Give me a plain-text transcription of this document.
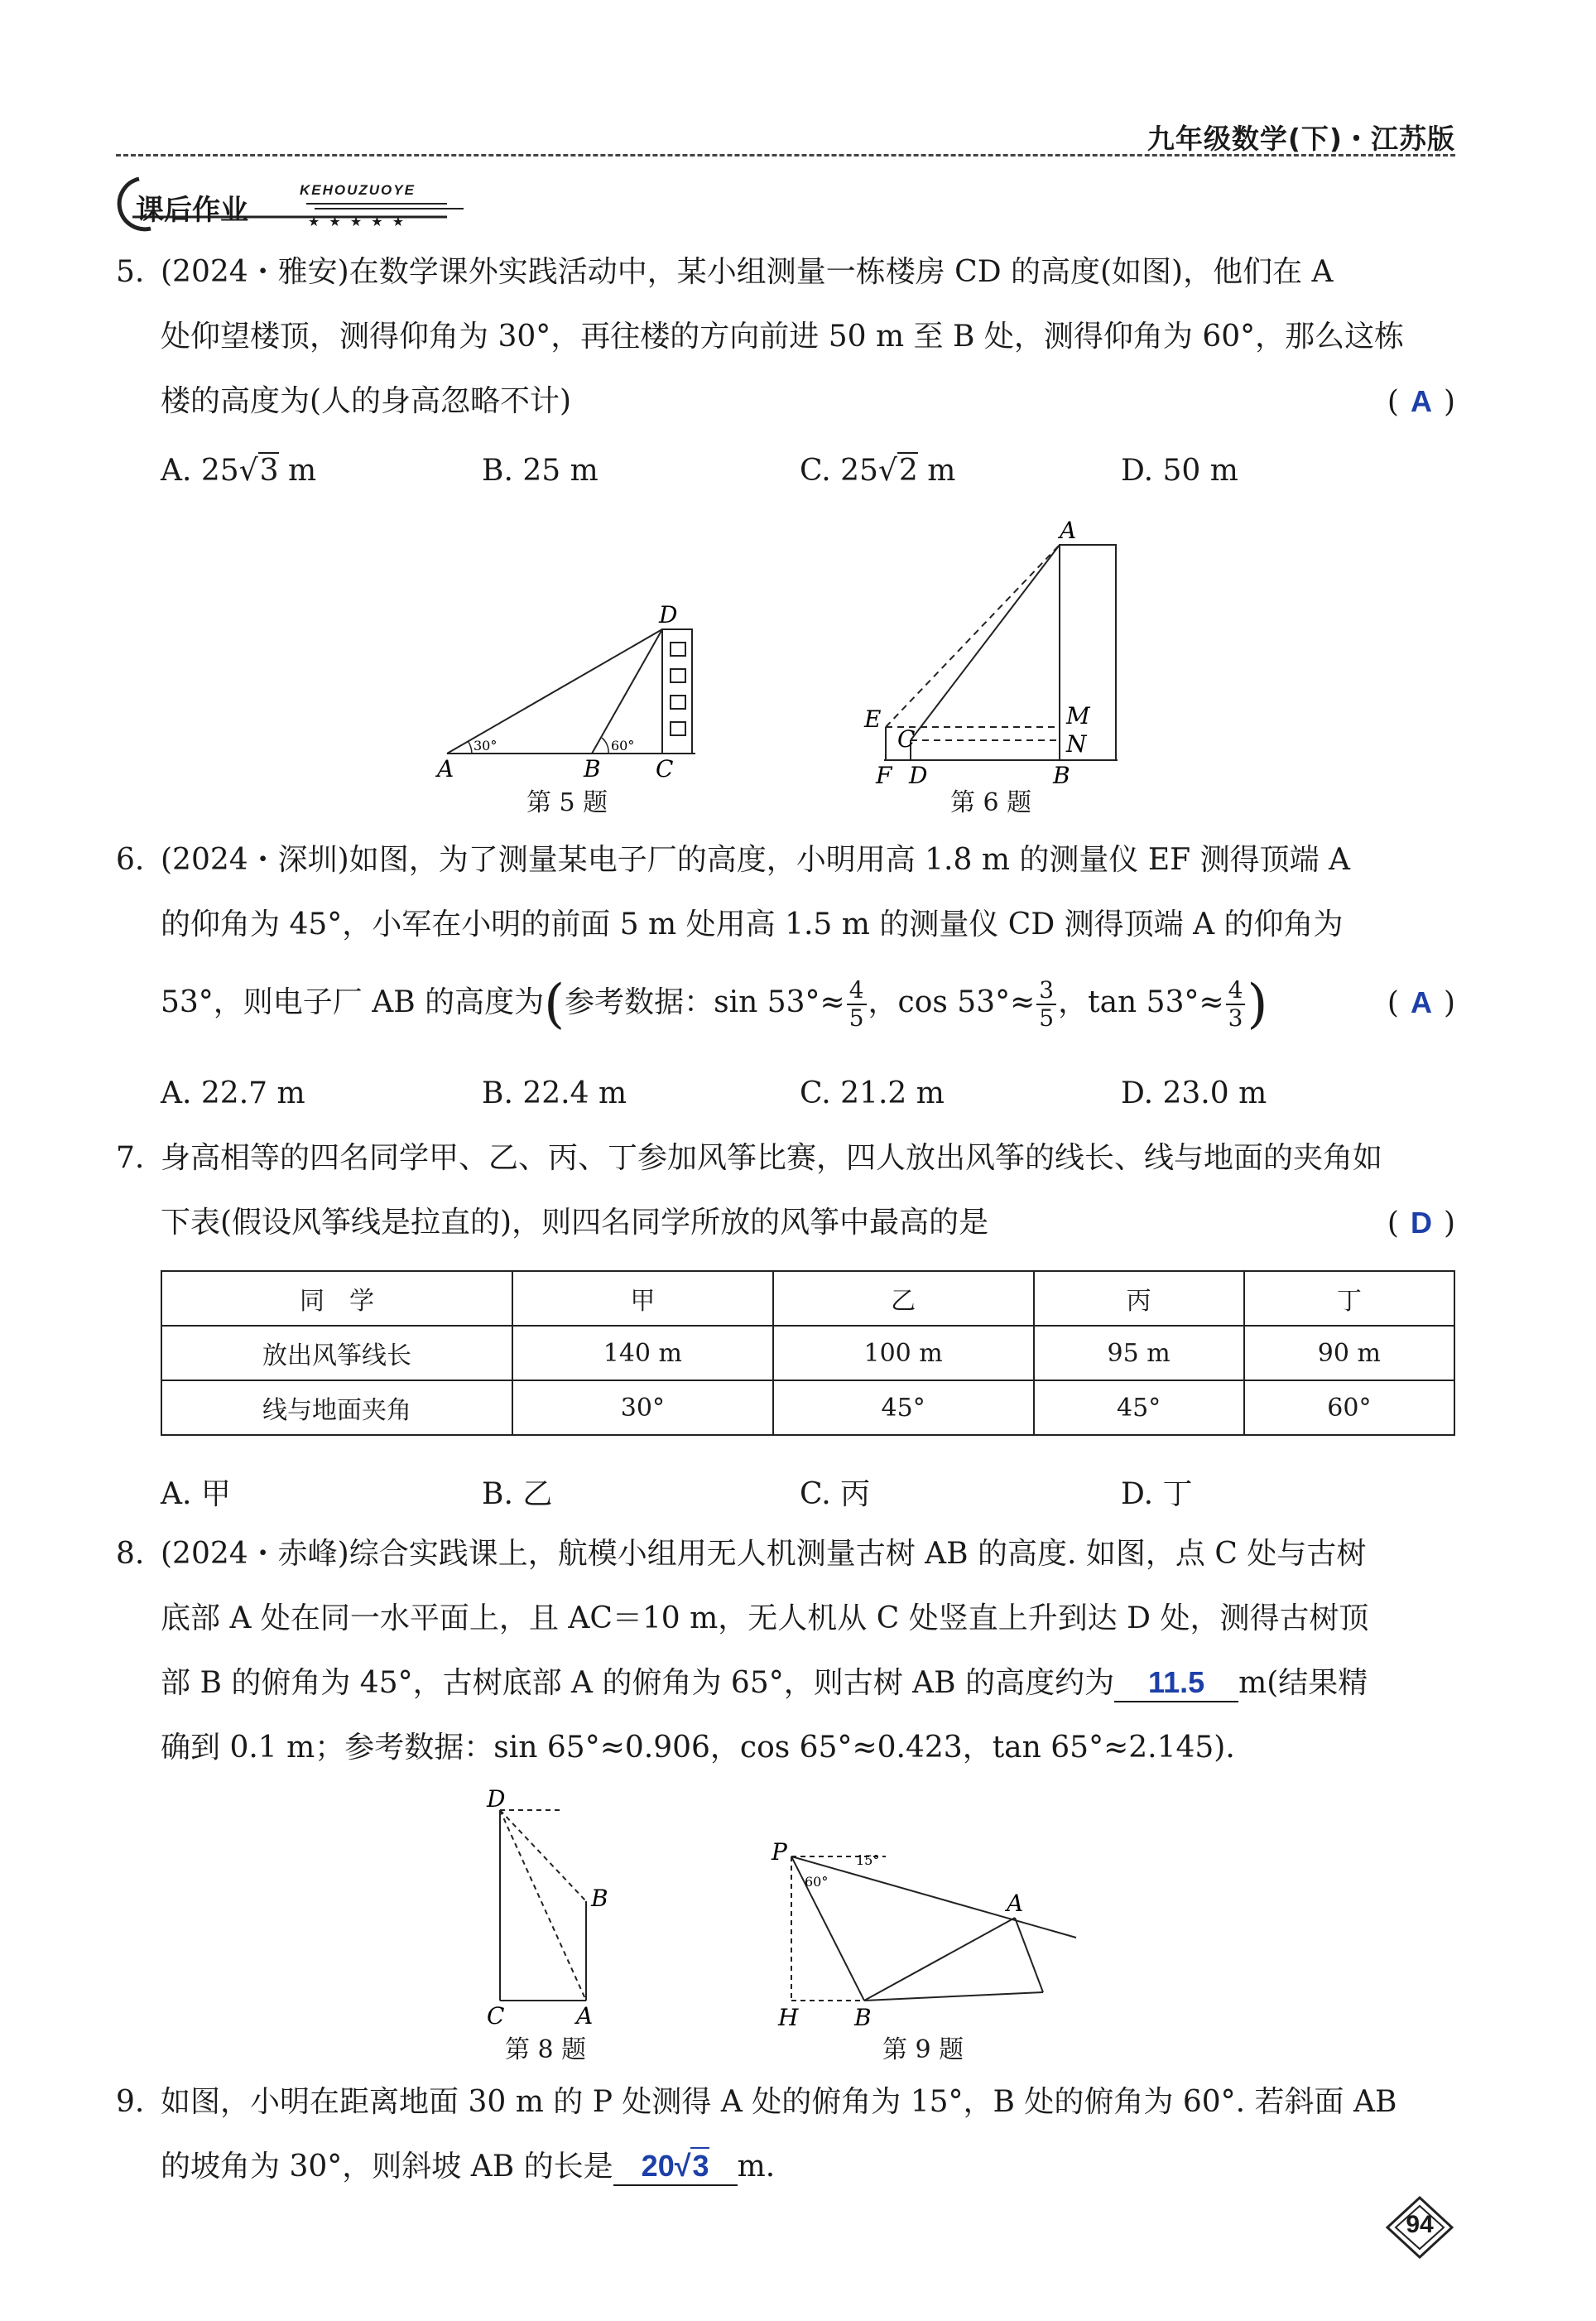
九年级数学(下)・江苏版
课后作业
KEHOUZUOYE
★ ★ ★ ★ ★
5. (2024・雅安)在数学课外实践活动中，某小组测量一栋楼房 CD 的高度(如图)，他们在 A
处仰望楼顶，测得仰角为 30°，再往楼的方向前进 50 m 至 B 处，测得仰角为 60°，那么这栋
楼的高度为(人的身高忽略不计)	( A )
A. 25√3 m	B. 25 m	C. 25√2 m	D. 50 m
30°	60°
A	B C
D
第 5 题
A
E
C
M
N
F D	B
第 6 题
6. (2024・深圳)如图，为了测量某电子厂的高度，小明用高 1.8 m 的测量仪 EF 测得顶端 A
的仰角为 45°，小军在小明的前面 5 m 处用高 1.5 m 的测量仪 CD 测得顶端 A 的仰角为
53°，则电子厂 AB 的高度为(参考数据：$\sin 53^\circ\approx \frac{4}{5}$ ，$\cos 53^\circ\approx \frac{3}{5}$ ，$\tan 53^\circ\approx \frac{4}{3}$ )	( A )
A. 22.7 m	B. 22.4 m	C. 21.2 m	D. 23.0 m
7. 身高相等的四名同学甲、乙、丙、丁参加风筝比赛，四人放出风筝的线长、线与地面的夹角如
下表(假设风筝线是拉直的)，则四名同学所放的风筝中最高的是	( D )
同　学	甲	乙	丙	丁
放出风筝线长	140 m	100 m	95 m	90 m
线与地面夹角	30°	45°	45°	60°
A. 甲	B. 乙	C. 丙	D. 丁
8. (2024・赤峰)综合实践课上，航模小组用无人机测量古树 AB 的高度. 如图，点 C 处与古树
底部 A 处在同一水平面上，且 AC＝10 m，无人机从 C 处竖直上升到达 D 处，测得古树顶
部 B 的俯角为 45°，古树底部 A 的俯角为 65°，则古树 AB 的高度约为 11.5 m(结果精
确到 0.1 m；参考数据：sin 65°≈0.906，cos 65°≈0.423，tan 65°≈2.145).
D
B
C	A
第 8 题
60°
15°
P
A
B
H
第 9 题
9. 如图，小明在距离地面 30 m 的 P 处测得 A 处的俯角为 15°，B 处的俯角为 60°. 若斜面 AB
的坡角为 30°，则斜坡 AB 的长是 20√3 m.
94
